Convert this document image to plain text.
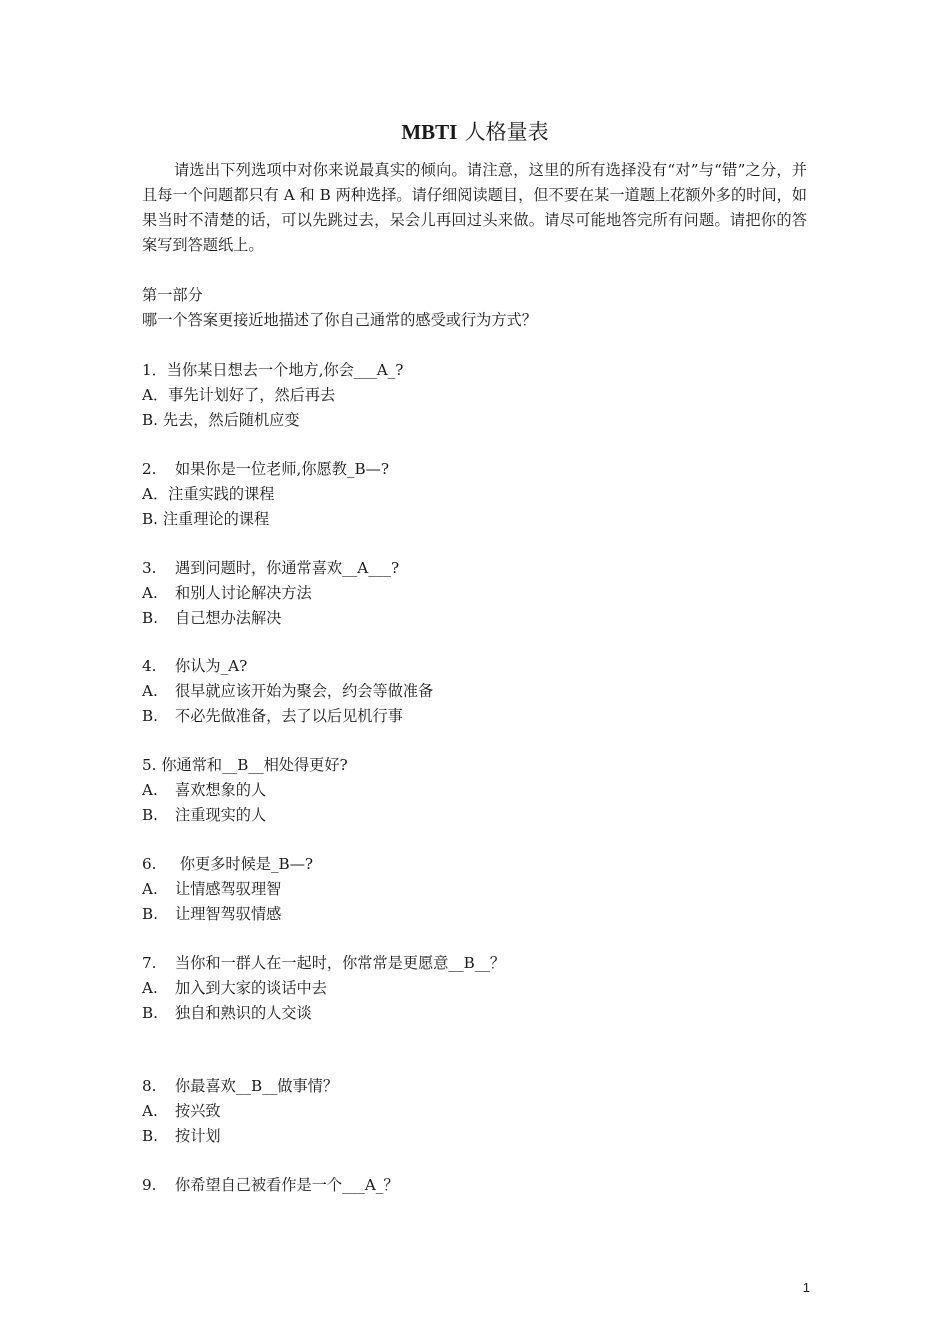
MBTI 人格量表
请选出下列选项中对你来说最真实的倾向。请注意，这里的所有选择没有“对”与“错”之分，并且每一个问题都只有 A 和 B 两种选择。请仔细阅读题目，但不要在某一道题上花额外多的时间，如果当时不清楚的话，可以先跳过去，呆会儿再回过头来做。请尽可能地答完所有问题。请把你的答案写到答题纸上。
第一部分
哪一个答案更接近地描述了你自己通常的感受或行为方式？
1．当你某日想去一个地方,你会___A_?
A．事先计划好了，然后再去
B. 先去，然后随机应变
2. 如果你是一位老师,你愿教_B—?
A．注重实践的课程
B. 注重理论的课程
3. 遇到问题时，你通常喜欢__A___?
A. 和别人讨论解决方法
B. 自己想办法解决
4. 你认为_A?
A. 很早就应该开始为聚会，约会等做准备
B. 不必先做准备，去了以后见机行事
5. 你通常和__B__相处得更好?
A. 喜欢想象的人
B. 注重现实的人
6. 你更多时候是_B—?
A. 让情感驾驭理智
B. 让理智驾驭情感
7. 当你和一群人在一起时，你常常是更愿意__B__？
A. 加入到大家的谈话中去
B. 独自和熟识的人交谈
8. 你最喜欢__B__做事情？
A. 按兴致
B. 按计划
9. 你希望自己被看作是一个___A_？
1
